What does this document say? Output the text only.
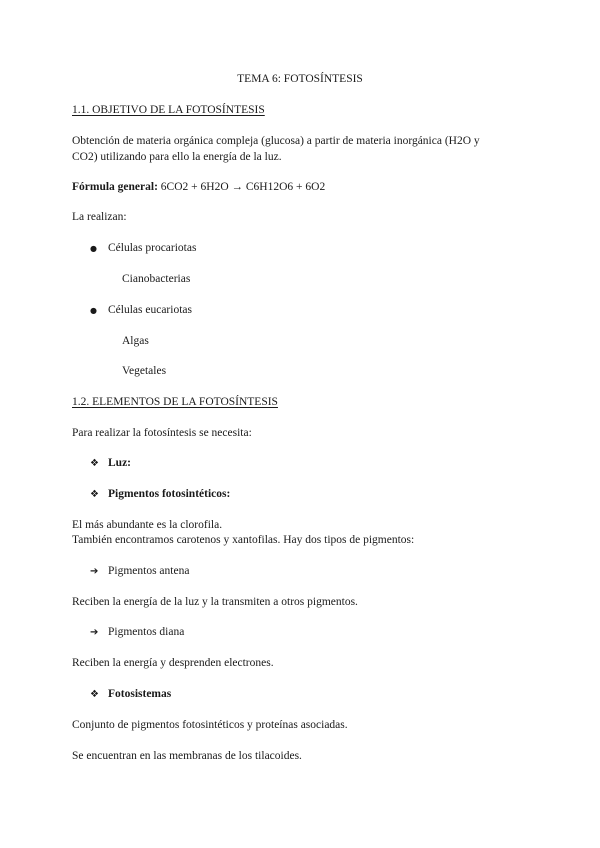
TEMA 6: FOTOSÍNTESIS
1.1. OBJETIVO DE LA FOTOSÍNTESIS
Obtención de materia orgánica compleja (glucosa) a partir de materia inorgánica (H2O y
CO2) utilizando para ello la energía de la luz.
Fórmula general: 6CO2 + 6H2O → C6H12O6 + 6O2
La realizan:
● Células procariotas
Cianobacterias
● Células eucariotas
Algas
Vegetales
1.2. ELEMENTOS DE LA FOTOSÍNTESIS
Para realizar la fotosíntesis se necesita:
❖ Luz:
❖ Pigmentos fotosintéticos:
El más abundante es la clorofila.
También encontramos carotenos y xantofilas. Hay dos tipos de pigmentos:
➔ Pigmentos antena
Reciben la energía de la luz y la transmiten a otros pigmentos.
➔ Pigmentos diana
Reciben la energía y desprenden electrones.
❖ Fotosistemas
Conjunto de pigmentos fotosintéticos y proteínas asociadas.
Se encuentran en las membranas de los tilacoides.
